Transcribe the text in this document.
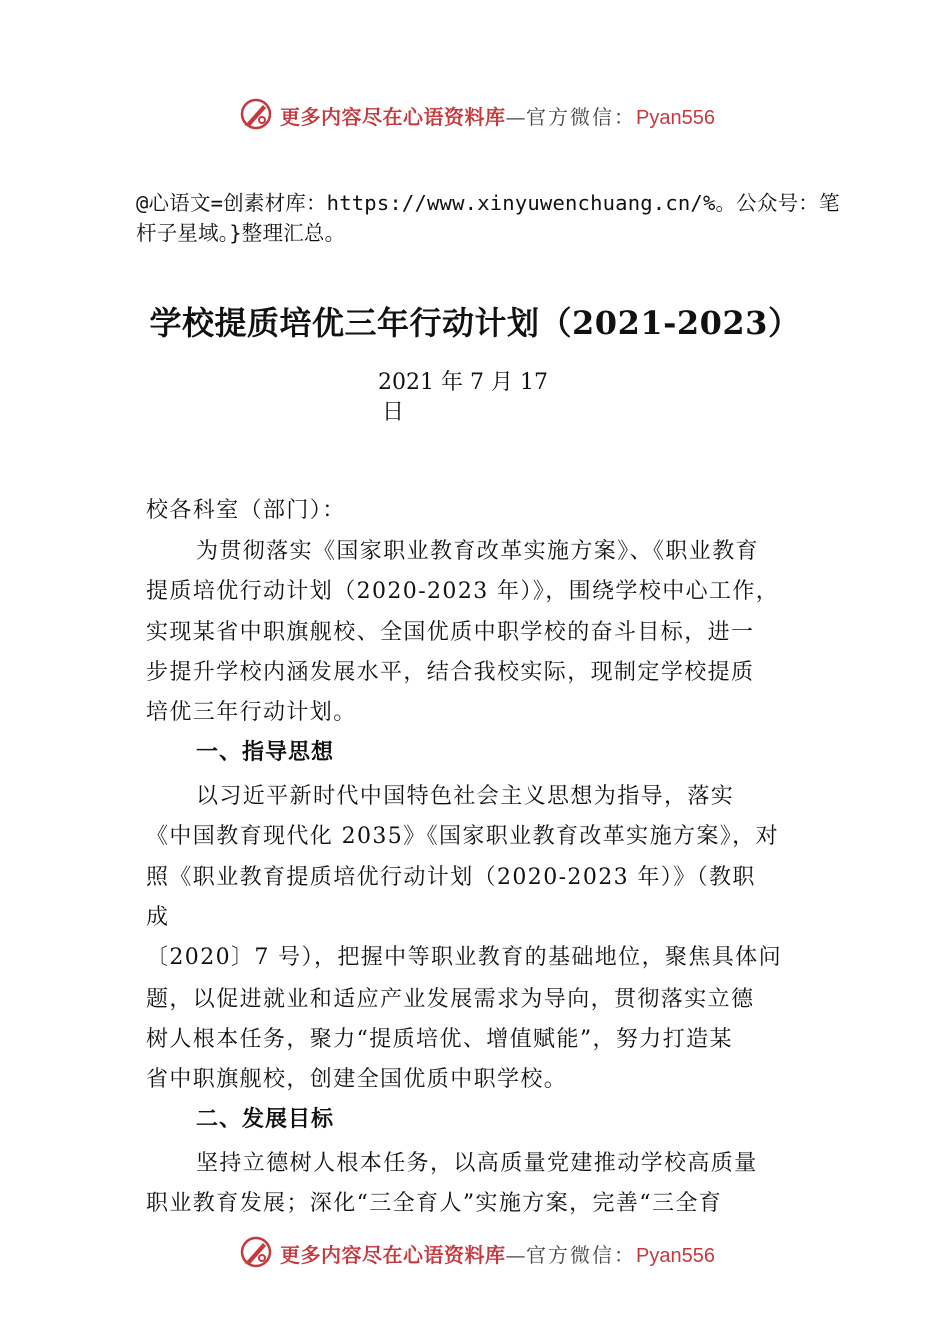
更多内容尽在心语资料库—官方微信：Pyan556
@心语文=创素材库：https://www.xinyuwenchuang.cn/%。公众号：笔杆子星域。}整理汇总。
学校提质培优三年行动计划（2021-2023）
2021 年 7 月 17
日
校各科室（部门）：
为贯彻落实《国家职业教育改革实施方案》、《职业教育
提质培优行动计划（2020-2023 年）》，围绕学校中心工作，
实现某省中职旗舰校、全国优质中职学校的奋斗目标，进一
步提升学校内涵发展水平，结合我校实际，现制定学校提质
培优三年行动计划。
一、指导思想
以习近平新时代中国特色社会主义思想为指导，落实
《中国教育现代化 2035》《国家职业教育改革实施方案》，对
照《职业教育提质培优行动计划（2020-2023 年）》（教职
成
〔2020〕7 号），把握中等职业教育的基础地位，聚焦具体问
题，以促进就业和适应产业发展需求为导向，贯彻落实立德
树人根本任务，聚力“提质培优、增值赋能”，努力打造某
省中职旗舰校，创建全国优质中职学校。
二、发展目标
坚持立德树人根本任务，以高质量党建推动学校高质量
职业教育发展；深化“三全育人”实施方案，完善“三全育
更多内容尽在心语资料库—官方微信：Pyan556
